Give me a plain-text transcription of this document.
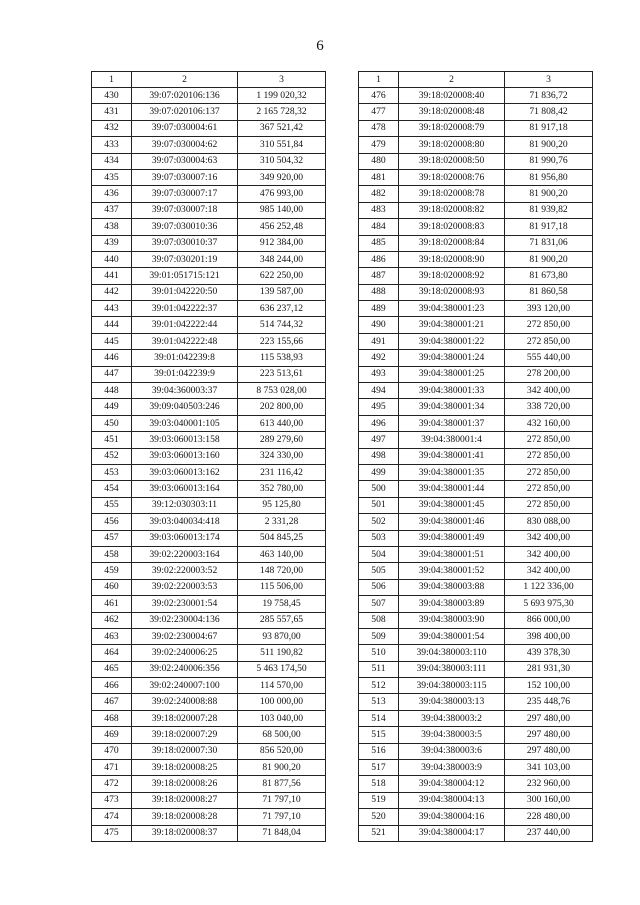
6
1	2	3
430	39:07:020106:136	1 199 020,32
431	39:07:020106:137	2 165 728,32
432	39:07:030004:61	367 521,42
433	39:07:030004:62	310 551,84
434	39:07:030004:63	310 504,32
435	39:07:030007:16	349 920,00
436	39:07:030007:17	476 993,00
437	39:07:030007:18	985 140,00
438	39:07:030010:36	456 252,48
439	39:07:030010:37	912 384,00
440	39:07:030201:19	348 244,00
441	39:01:051715:121	622 250,00
442	39:01:042220:50	139 587,00
443	39:01:042222:37	636 237,12
444	39:01:042222:44	514 744,32
445	39:01:042222:48	223 155,66
446	39:01:042239:8	115 538,93
447	39:01:042239:9	223 513,61
448	39:04:360003:37	8 753 028,00
449	39:09:040503:246	202 800,00
450	39:03:040001:105	613 440,00
451	39:03:060013:158	289 279,60
452	39:03:060013:160	324 330,00
453	39:03:060013:162	231 116,42
454	39:03:060013:164	352 780,00
455	39:12:030303:11	95 125,80
456	39:03:040034:418	2 331,28
457	39:03:060013:174	504 845,25
458	39:02:220003:164	463 140,00
459	39:02:220003:52	148 720,00
460	39:02:220003:53	115 506,00
461	39:02:230001:54	19 758,45
462	39:02:230004:136	285 557,65
463	39:02:230004:67	93 870,00
464	39:02:240006:25	511 190,82
465	39:02:240006:356	5 463 174,50
466	39:02:240007:100	114 570,00
467	39:02:240008:88	100 000,00
468	39:18:020007:28	103 040,00
469	39:18:020007:29	68 500,00
470	39:18:020007:30	856 520,00
471	39:18:020008:25	81 900,20
472	39:18:020008:26	81 877,56
473	39:18:020008:27	71 797,10
474	39:18:020008:28	71 797,10
475	39:18:020008:37	71 848,04
1	2	3
476	39:18:020008:40	71 836,72
477	39:18:020008:48	71 808,42
478	39:18:020008:79	81 917,18
479	39:18:020008:80	81 900,20
480	39:18:020008:50	81 990,76
481	39:18:020008:76	81 956,80
482	39:18:020008:78	81 900,20
483	39:18:020008:82	81 939,82
484	39:18:020008:83	81 917,18
485	39:18:020008:84	71 831,06
486	39:18:020008:90	81 900,20
487	39:18:020008:92	81 673,80
488	39:18:020008:93	81 860,58
489	39:04:380001:23	393 120,00
490	39:04:380001:21	272 850,00
491	39:04:380001:22	272 850,00
492	39:04:380001:24	555 440,00
493	39:04:380001:25	278 200,00
494	39:04:380001:33	342 400,00
495	39:04:380001:34	338 720,00
496	39:04:380001:37	432 160,00
497	39:04:380001:4	272 850,00
498	39:04:380001:41	272 850,00
499	39:04:380001:35	272 850,00
500	39:04:380001:44	272 850,00
501	39:04:380001:45	272 850,00
502	39:04:380001:46	830 088,00
503	39:04:380001:49	342 400,00
504	39:04:380001:51	342 400,00
505	39:04:380001:52	342 400,00
506	39:04:380003:88	1 122 336,00
507	39:04:380003:89	5 693 975,30
508	39:04:380003:90	866 000,00
509	39:04:380001:54	398 400,00
510	39:04:380003:110	439 378,30
511	39:04:380003:111	281 931,30
512	39:04:380003:115	152 100,00
513	39:04:380003:13	235 448,76
514	39:04:380003:2	297 480,00
515	39:04:380003:5	297 480,00
516	39:04:380003:6	297 480,00
517	39:04:380003:9	341 103,00
518	39:04:380004:12	232 960,00
519	39:04:380004:13	300 160,00
520	39:04:380004:16	228 480,00
521	39:04:380004:17	237 440,00
